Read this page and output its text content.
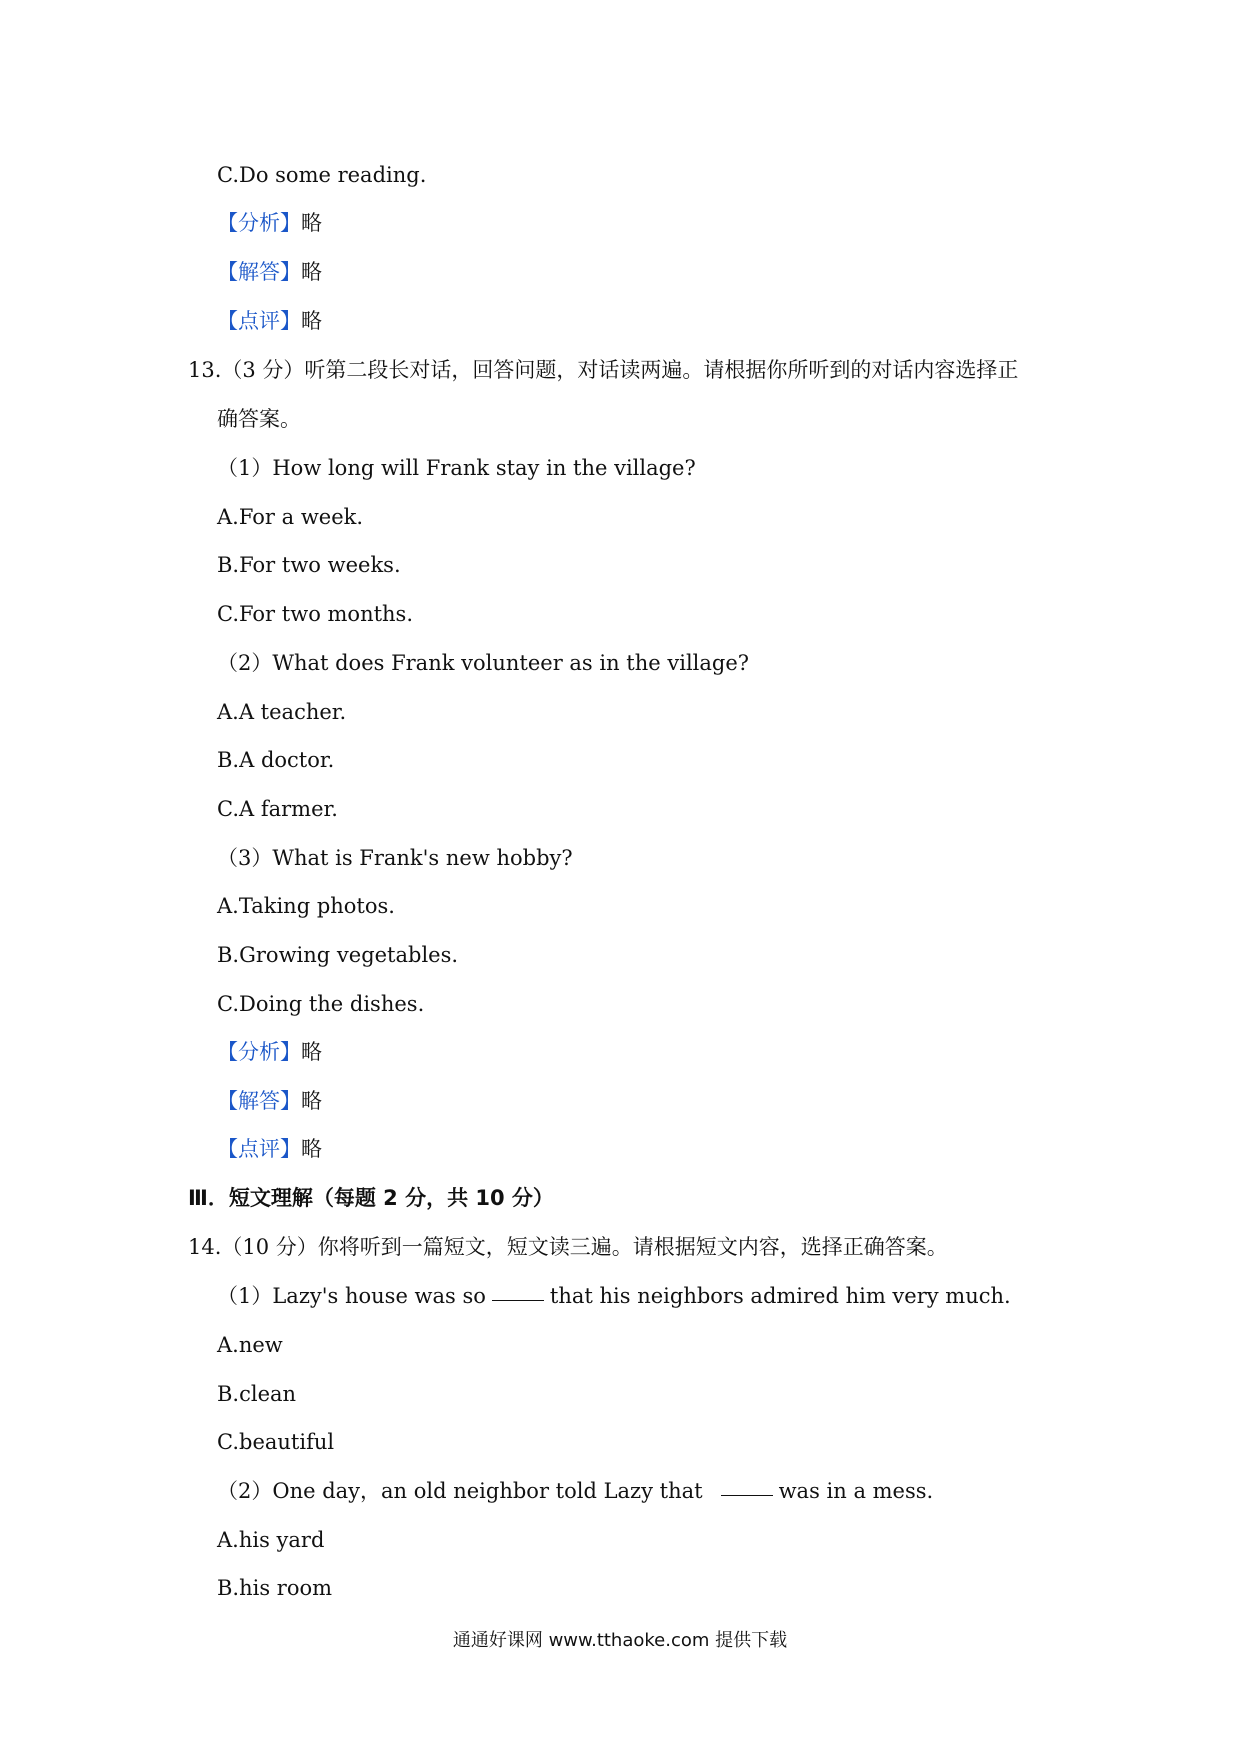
C.Do some reading.
【分析】略
【解答】略
【点评】略
13.（3 分）听第二段长对话，回答问题，对话读两遍。请根据你所听到的对话内容选择正
确答案。
（1）How long will Frank stay in the village?
A.For a week.
B.For two weeks.
C.For two months.
（2）What does Frank volunteer as in the village?
A.A teacher.
B.A doctor.
C.A farmer.
（3）What is Frank's new hobby?
A.Taking photos.
B.Growing vegetables.
C.Doing the dishes.
【分析】略
【解答】略
【点评】略
Ⅲ．短文理解（每题 2 分，共 10 分）
14.（10 分）你将听到一篇短文，短文读三遍。请根据短文内容，选择正确答案。
（1）Lazy's house was so	that his neighbors admired him very much.
A.new
B.clean
C.beautiful
（2）One day，an old neighbor told Lazy that	was in a mess.
A.his yard
B.his room
通通好课网 www.tthaoke.com 提供下载
